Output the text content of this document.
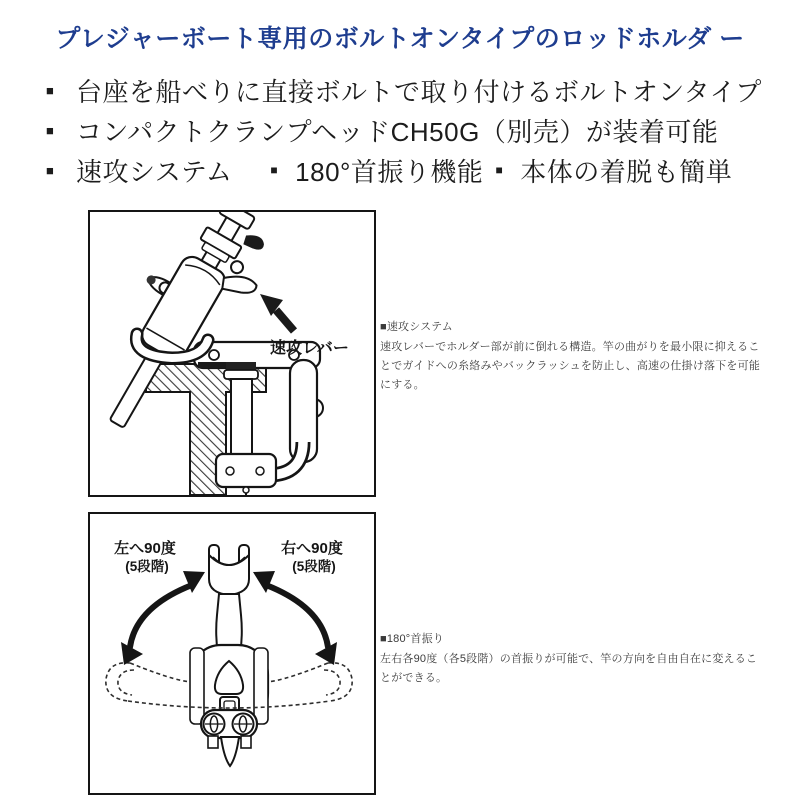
プレジャーボート専用のボルトオンタイプのロッドホルダ ー
■ 台座を船べりに直接ボルトで取り付けるボルトオンタイプ
■ コンパクトクランプヘッドCH50G（別売）が装着可能
■ 速攻システム	■ 180°首振り機能 ■ 本体の着脱も簡単
速攻レバー
左へ90度
(5段階)
右へ90度
(5段階)
■速攻システム
速攻レバーでホルダー部が前に倒れる構造。竿の曲がりを最小限に抑えることでガイドへの糸絡みやバックラッシュを防止し、高速の仕掛け落下を可能にする。
■180°首振り
左右各90度（各5段階）の首振りが可能で、竿の方向を自由自在に変えることができる。
